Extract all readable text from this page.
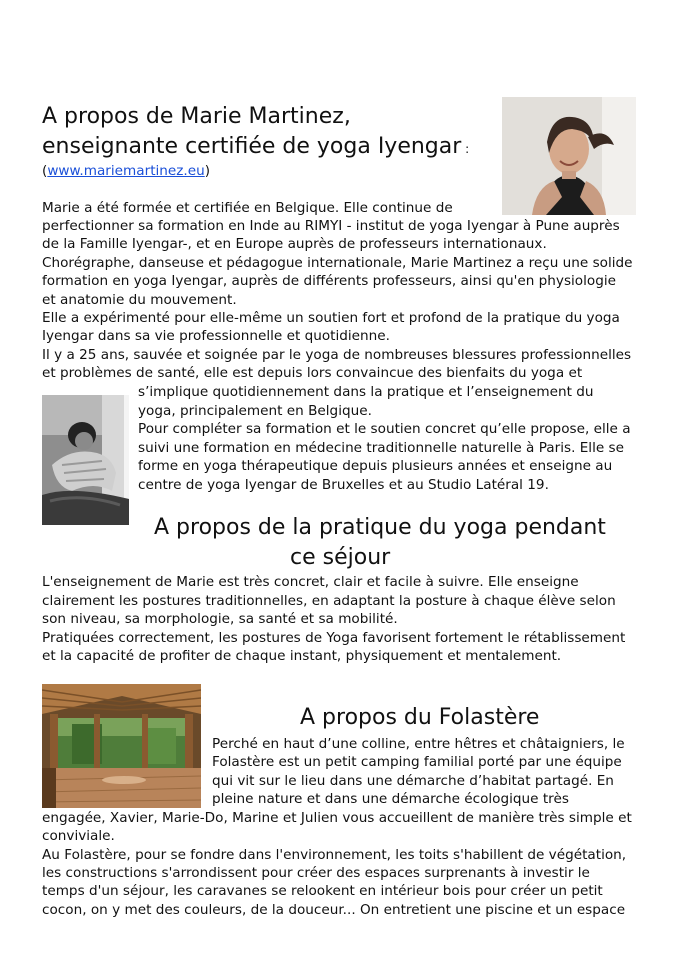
A propos de Marie Martinez,
enseignante certifiée de yoga Iyengar :
(www.mariemartinez.eu)

Marie a été formée et certifiée en Belgique. Elle continue de

perfectionner sa formation en Inde au RIMYI - institut de yoga Iyengar à Pune auprès

de la Famille Iyengar-, et en Europe auprès de professeurs internationaux.

Chorégraphe, danseuse et pédagogue internationale, Marie Martinez a reçu une solide

formation en yoga Iyengar, auprès de différents professeurs, ainsi qu'en physiologie

et anatomie du mouvement.

Elle a expérimenté pour elle-même un soutien fort et profond de la pratique du yoga

Iyengar dans sa vie professionnelle et quotidienne.

Il y a 25 ans, sauvée et soignée par le yoga de nombreuses blessures professionnelles

et problèmes de santé, elle est depuis lors convaincue des bienfaits du yoga et

s’implique quotidiennement dans la pratique et l’enseignement du

yoga, principalement en Belgique.

Pour compléter sa formation et le soutien concret qu’elle propose, elle a

suivi une formation en médecine traditionnelle naturelle à Paris. Elle se

forme en yoga thérapeutique depuis plusieurs années et enseigne au

centre de yoga Iyengar de Bruxelles et au Studio Latéral 19.

A propos de la pratique du yoga pendant
ce séjour

L'enseignement de Marie est très concret, clair et facile à suivre. Elle enseigne

clairement les postures traditionnelles, en adaptant la posture à chaque élève selon

son niveau, sa morphologie, sa santé et sa mobilité.

Pratiquées correctement, les postures de Yoga favorisent fortement le rétablissement

et la capacité de profiter de chaque instant, physiquement et mentalement.

A propos du Folastère

Perché en haut d’une colline, entre hêtres et châtaigniers, le

Folastère est un petit camping familial porté par une équipe

qui vit sur le lieu dans une démarche d’habitat partagé. En

pleine nature et dans une démarche écologique très

engagée, Xavier, Marie-Do, Marine et Julien vous accueillent de manière très simple et

conviviale.

Au Folastère, pour se fondre dans l'environnement, les toits s'habillent de végétation,

les constructions s'arrondissent pour créer des espaces surprenants à investir le

temps d'un séjour, les caravanes se relookent en intérieur bois pour créer un petit

cocon, on y met des couleurs, de la douceur... On entretient une piscine et un espace
